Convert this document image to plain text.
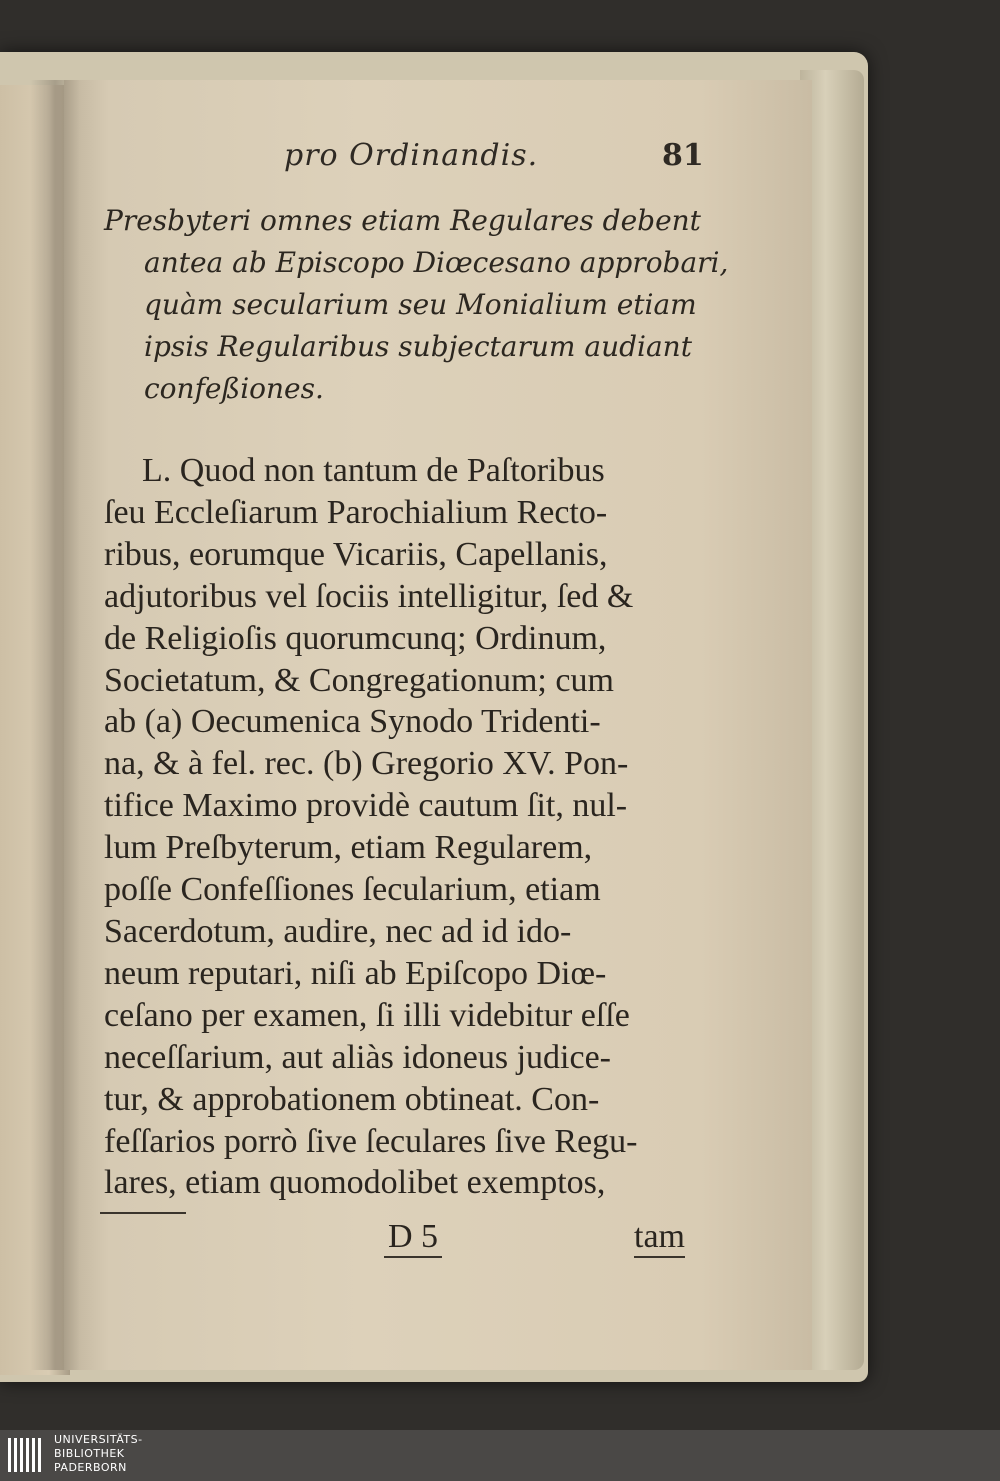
pro Ordinandis.	81
Presbyteri omnes etiam Regulares debent
antea ab Episcopo Diœcesano approbari,
quàm secularium seu Monialium etiam
ipsis Regularibus subjectarum audiant
confeßiones.
L. Quod non tantum de Paſtoribus
ſeu Eccleſiarum Parochialium Recto-
ribus, eorumque Vicariis, Capellanis,
adjutoribus vel ſociis intelligitur, ſed &
de Religioſis quorumcunq; Ordinum,
Societatum, & Congregationum; cum
ab (a) Oecumenica Synodo Tridenti-
na, & à fel. rec. (b) Gregorio XV. Pon-
tifice Maximo providè cautum ſit, nul-
lum Preſbyterum, etiam Regularem,
poſſe Confeſſiones ſecularium, etiam
Sacerdotum, audire, nec ad id ido-
neum reputari, niſi ab Epiſcopo Diœ-
ceſano per examen, ſi illi videbitur eſſe
neceſſarium, aut aliàs idoneus judice-
tur, & approbationem obtineat. Con-
feſſarios porrò ſive ſeculares ſive Regu-
lares, etiam quomodolibet exemptos,
D 5	tam
UNIVERSITÄTS-
BIBLIOTHEK
PADERBORN
